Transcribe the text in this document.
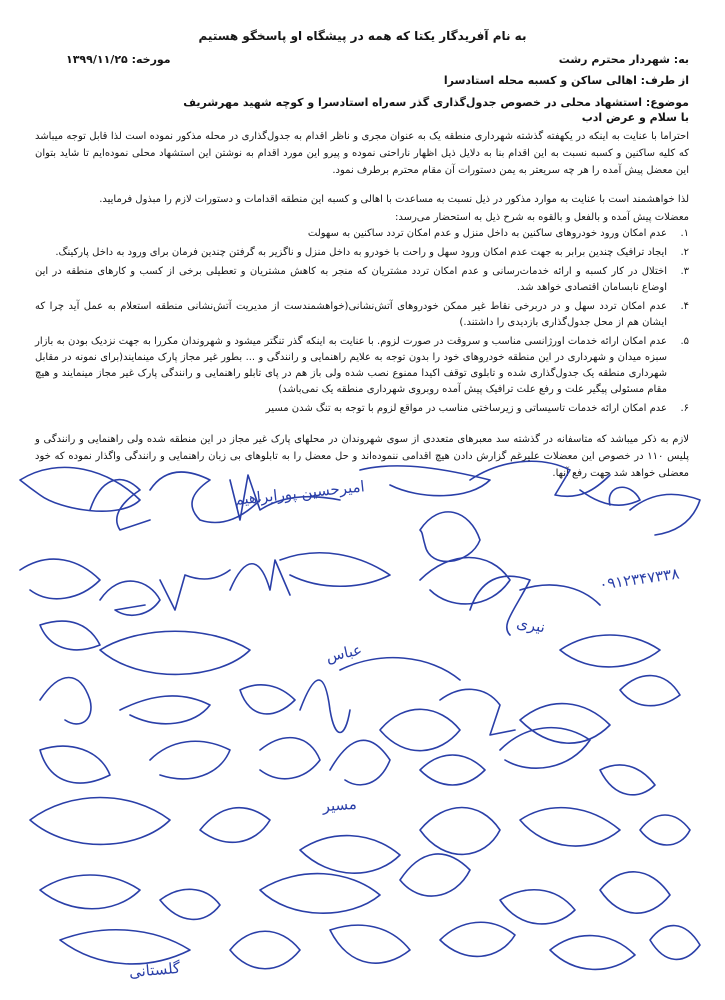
به نام آفریدگار یکتا که همه در پیشگاه او پاسخگو هستیم
به: شهردار محترم رشت
مورخه: ۱۳۹۹/۱۱/۲۵
از طرف: اهالی ساکن و کسبه محله استادسرا
موضوع: استشهاد محلی در خصوص جدول‌گذاری گذر سه‌راه استادسرا و کوچه شهید مهرشریف
با سلام و عرض ادب
احتراما با عنایت به اینکه در یکهفته گذشته شهرداری منطقه یک به عنوان مجری و ناظر اقدام به جدول‌گذاری در محله مذکور نموده است لذا قابل توجه میباشد که کلیه ساکنین و کسبه نسبت به این اقدام بنا به دلایل ذیل اظهار ناراحتی نموده و پیرو این مورد اقدام به نوشتن این استشهاد محلی نموده‌ایم تا شاید بتوان این معضل پیش آمده را هر چه سریعتر به یمن دستورات آن مقام محترم برطرف نمود.
لذا خواهشمند است با عنایت به موارد مذکور در ذیل نسبت به مساعدت با اهالی و کسبه این منطقه اقدامات و دستورات لازم را مبذول فرمایید.
معضلات پیش آمده و بالفعل و بالقوه به شرح ذیل به استحضار می‌رسد:
۱.
عدم امکان ورود خودروهای ساکنین به داخل منزل و عدم امکان تردد ساکنین به سهولت
۲.
ایجاد ترافیک چندین برابر به جهت عدم امکان ورود سهل و راحت با خودرو به داخل منزل و ناگزیر به گرفتن چندین فرمان برای ورود به داخل پارکینگ.
۳.
اختلال در کار کسبه و ارائه خدمات‌رسانی و عدم امکان تردد مشتریان که منجر به کاهش مشتریان و تعطیلی برخی از کسب و کارهای منطقه در این اوضاع نابسامان اقتصادی خواهد شد.
۴.
عدم امکان تردد سهل و در دربرخی نقاط غیر ممکن خودروهای آتش‌نشانی(خواهشمندست از مدیریت آتش‌نشانی منطقه استعلام به عمل آید چرا که ایشان هم از محل جدول‌گذاری بازدیدی را داشتند.)
۵.
عدم امکان ارائه خدمات اورژانسی مناسب و سروقت در صورت لزوم. با عنایت به اینکه گذر تنگتر میشود و شهروندان مکررا به جهت نزدیک بودن به بازار سبزه میدان و شهرداری در این منطقه خودروهای خود را بدون توجه به علایم راهنمایی و رانندگی و ... بطور غیر مجاز پارک مینمایند(برای نمونه در مقابل شهرداری منطقه یک جدول‌گذاری شده و تابلوی توقف اکیدا ممنوع نصب شده ولی باز هم در پای تابلو راهنمایی و رانندگی پارک غیر مجاز مینمایند و هیچ مقام مسئولی پیگیر علت و رفع علت ترافیک پیش آمده روبروی شهرداری منطقه یک نمی‌باشد)
۶.
عدم امکان ارائه خدمات تاسیساتی و زیرساختی مناسب در مواقع لزوم با توجه به تنگ شدن مسیر
لازم به ذکر میباشد که متاسفانه در گذشته سد معبرهای متعددی از سوی شهروندان در محلهای پارک غیر مجاز در این منطقه شده ولی راهنمایی و رانندگی و پلیس ۱۱۰ در خصوص این معضلات علیرغم گزارش دادن هیچ اقدامی ننموده‌اند و حل معضل را به تابلوهای بی زبان راهنمایی و رانندگی واگذار نموده که خود معضلی خواهد شد جهت رفع آنها.
امیرحسین پورابراهیم
۰۹۱۲۳۴۷۳۳۸
نیری
عباس
مسیر
گلستانی
